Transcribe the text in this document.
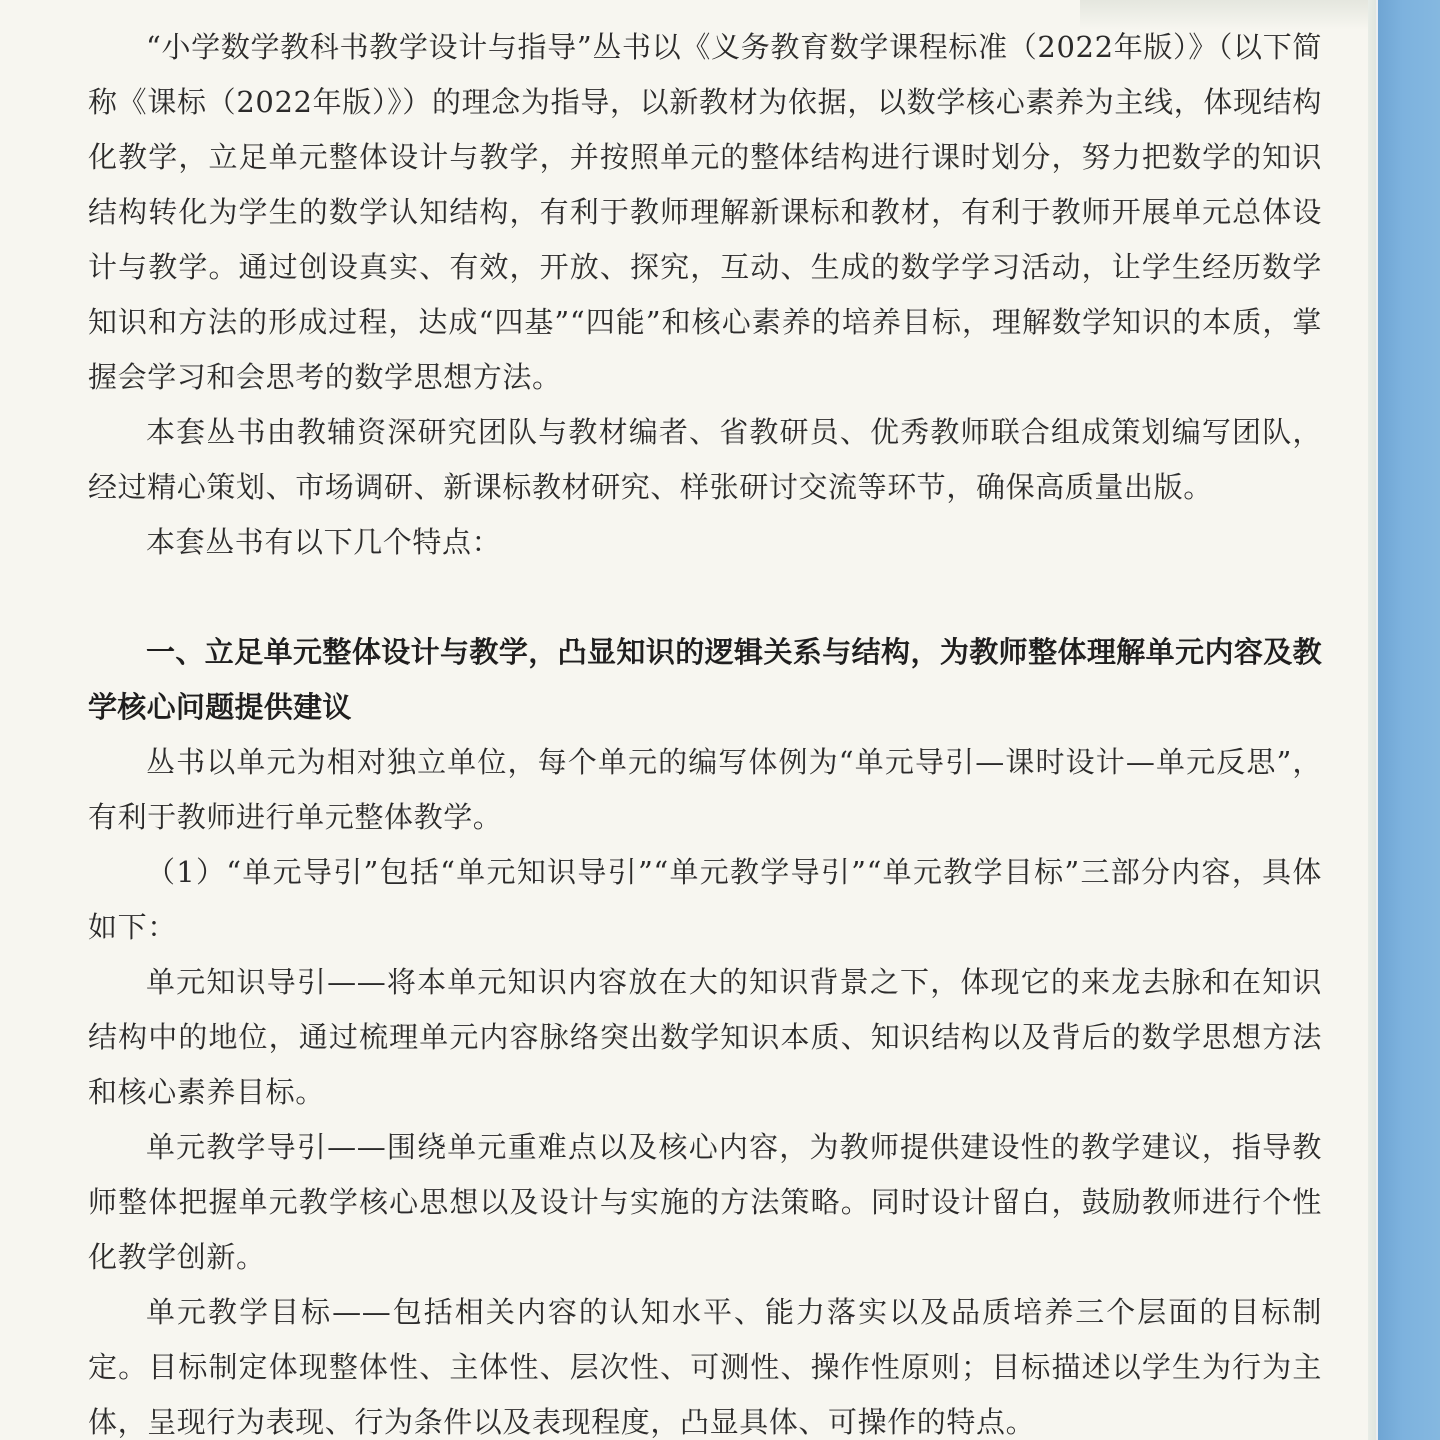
“小学数学教科书教学设计与指导”丛书以《义务教育数学课程标准（2022年版）》（以下简称《课标（2022年版）》）的理念为指导，以新教材为依据，以数学核心素养为主线，体现结构化教学，立足单元整体设计与教学，并按照单元的整体结构进行课时划分，努力把数学的知识结构转化为学生的数学认知结构，有利于教师理解新课标和教材，有利于教师开展单元总体设计与教学。通过创设真实、有效，开放、探究，互动、生成的数学学习活动，让学生经历数学知识和方法的形成过程，达成“四基”“四能”和核心素养的培养目标，理解数学知识的本质，掌握会学习和会思考的数学思想方法。

本套丛书由教辅资深研究团队与教材编者、省教研员、优秀教师联合组成策划编写团队，经过精心策划、市场调研、新课标教材研究、样张研讨交流等环节，确保高质量出版。

本套丛书有以下几个特点：

一、立足单元整体设计与教学，凸显知识的逻辑关系与结构，为教师整体理解单元内容及教学核心问题提供建议

丛书以单元为相对独立单位，每个单元的编写体例为“单元导引—课时设计—单元反思”，有利于教师进行单元整体教学。

（1）“单元导引”包括“单元知识导引”“单元教学导引”“单元教学目标”三部分内容，具体如下：

单元知识导引——将本单元知识内容放在大的知识背景之下，体现它的来龙去脉和在知识结构中的地位，通过梳理单元内容脉络突出数学知识本质、知识结构以及背后的数学思想方法和核心素养目标。

单元教学导引——围绕单元重难点以及核心内容，为教师提供建设性的教学建议，指导教师整体把握单元教学核心思想以及设计与实施的方法策略。同时设计留白，鼓励教师进行个性化教学创新。

单元教学目标——包括相关内容的认知水平、能力落实以及品质培养三个层面的目标制定。目标制定体现整体性、主体性、层次性、可测性、操作性原则；目标描述以学生为行为主体，呈现行为表现、行为条件以及表现程度，凸显具体、可操作的特点。
